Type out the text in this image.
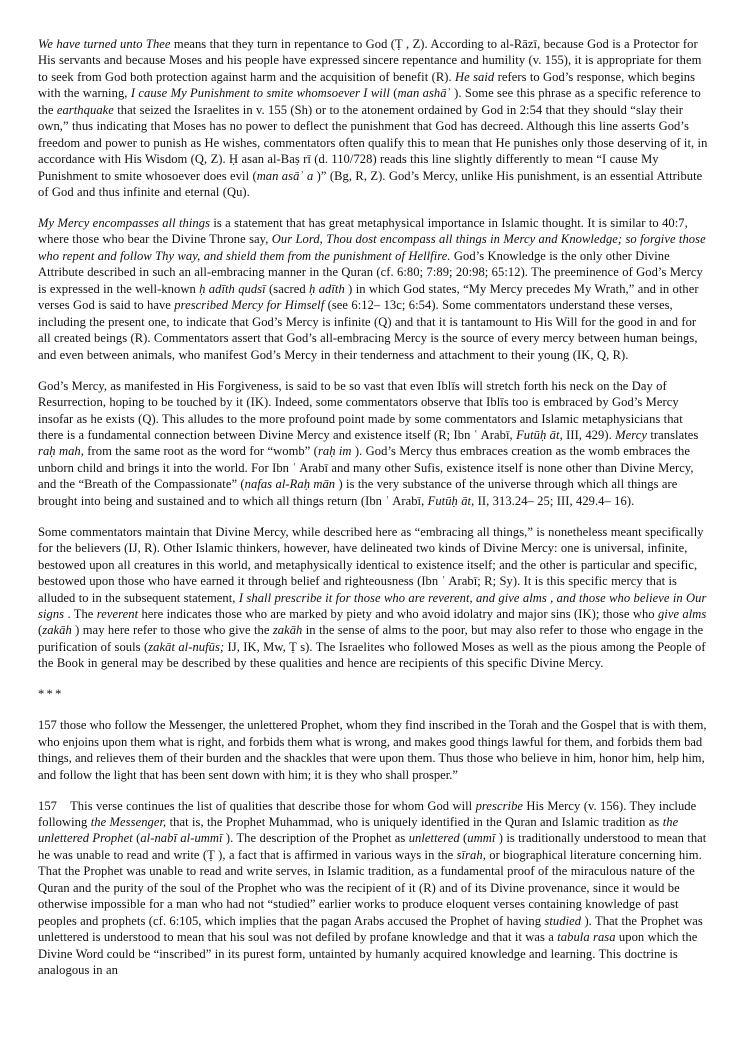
We have turned unto Thee means that they turn in repentance to God (Ṭ , Z). According to al-Rāzī, because God is a Protector for His servants and because Moses and his people have expressed sincere repentance and humility (v. 155), it is appropriate for them to seek from God both protection against harm and the acquisition of benefit (R). He said refers to God’s response, which begins with the warning, I cause My Punishment to smite whomsoever I will (man ashāʾ ). Some see this phrase as a specific reference to the earthquake that seized the Israelites in v. 155 (Sh) or to the atonement ordained by God in 2:54 that they should “slay their own,” thus indicating that Moses has no power to deflect the punishment that God has decreed. Although this line asserts God’s freedom and power to punish as He wishes, commentators often qualify this to mean that He punishes only those deserving of it, in accordance with His Wisdom (Q, Z). Ḥ asan al-Baṣ rī (d. 110/728) reads this line slightly differently to mean “I cause My Punishment to smite whosoever does evil (man asāʾ a )” (Bg, R, Z). God’s Mercy, unlike His punishment, is an essential Attribute of God and thus infinite and eternal (Qu).

My Mercy encompasses all things is a statement that has great metaphysical importance in Islamic thought. It is similar to 40:7, where those who bear the Divine Throne say, Our Lord, Thou dost encompass all things in Mercy and Knowledge; so forgive those who repent and follow Thy way, and shield them from the punishment of Hellfire. God’s Knowledge is the only other Divine Attribute described in such an all-embracing manner in the Quran (cf. 6:80; 7:89; 20:98; 65:12). The preeminence of God’s Mercy is expressed in the well-known ḥ adīth qudsī (sacred ḥ adīth ) in which God states, “My Mercy precedes My Wrath,” and in other verses God is said to have prescribed Mercy for Himself (see 6:12– 13c; 6:54). Some commentators understand these verses, including the present one, to indicate that God’s Mercy is infinite (Q) and that it is tantamount to His Will for the good in and for all created beings (R). Commentators assert that God’s all-embracing Mercy is the source of every mercy between human beings, and even between animals, who manifest God’s Mercy in their tenderness and attachment to their young (IK, Q, R).

God’s Mercy, as manifested in His Forgiveness, is said to be so vast that even Iblīs will stretch forth his neck on the Day of Resurrection, hoping to be touched by it (IK). Indeed, some commentators observe that Iblīs too is embraced by God’s Mercy insofar as he exists (Q). This alludes to the more profound point made by some commentators and Islamic metaphysicians that there is a fundamental connection between Divine Mercy and existence itself (R; Ibn ʿ Arabī, Futūḥ āt, III, 429). Mercy translates raḥ mah, from the same root as the word for “womb” (raḥ im ). God’s Mercy thus embraces creation as the womb embraces the unborn child and brings it into the world. For Ibn ʿ Arabī and many other Sufis, existence itself is none other than Divine Mercy, and the “Breath of the Compassionate” (nafas al-Raḥ mān ) is the very substance of the universe through which all things are brought into being and sustained and to which all things return (Ibn ʿ Arabī, Futūḥ āt, II, 313.24– 25; III, 429.4– 16).

Some commentators maintain that Divine Mercy, while described here as “embracing all things,” is nonetheless meant specifically for the believers (IJ, R). Other Islamic thinkers, however, have delineated two kinds of Divine Mercy: one is universal, infinite, bestowed upon all creatures in this world, and metaphysically identical to existence itself; and the other is particular and specific, bestowed upon those who have earned it through belief and righteousness (Ibn ʿ Arabī; R; Sy). It is this specific mercy that is alluded to in the subsequent statement, I shall prescribe it for those who are reverent, and give alms , and those who believe in Our signs . The reverent here indicates those who are marked by piety and who avoid idolatry and major sins (IK); those who give alms (zakāh ) may here refer to those who give the zakāh in the sense of alms to the poor, but may also refer to those who engage in the purification of souls (zakāt al-nufūs; IJ, IK, Mw, Ṭ s). The Israelites who followed Moses as well as the pious among the People of the Book in general may be described by these qualities and hence are recipients of this specific Divine Mercy.

***

157 those who follow the Messenger, the unlettered Prophet, whom they find inscribed in the Torah and the Gospel that is with them, who enjoins upon them what is right, and forbids them what is wrong, and makes good things lawful for them, and forbids them bad things, and relieves them of their burden and the shackles that were upon them. Thus those who believe in him, honor him, help him, and follow the light that has been sent down with him; it is they who shall prosper.”

157    This verse continues the list of qualities that describe those for whom God will prescribe His Mercy (v. 156). They include following the Messenger, that is, the Prophet Muhammad, who is uniquely identified in the Quran and Islamic tradition as the unlettered Prophet (al-nabī al-ummī ). The description of the Prophet as unlettered (ummī ) is traditionally understood to mean that he was unable to read and write (Ṭ ), a fact that is affirmed in various ways in the sīrah, or biographical literature concerning him. That the Prophet was unable to read and write serves, in Islamic tradition, as a fundamental proof of the miraculous nature of the Quran and the purity of the soul of the Prophet who was the recipient of it (R) and of its Divine provenance, since it would be otherwise impossible for a man who had not “studied” earlier works to produce eloquent verses containing knowledge of past peoples and prophets (cf. 6:105, which implies that the pagan Arabs accused the Prophet of having studied ). That the Prophet was unlettered is understood to mean that his soul was not defiled by profane knowledge and that it was a tabula rasa upon which the Divine Word could be “inscribed” in its purest form, untainted by humanly acquired knowledge and learning. This doctrine is analogous in an
